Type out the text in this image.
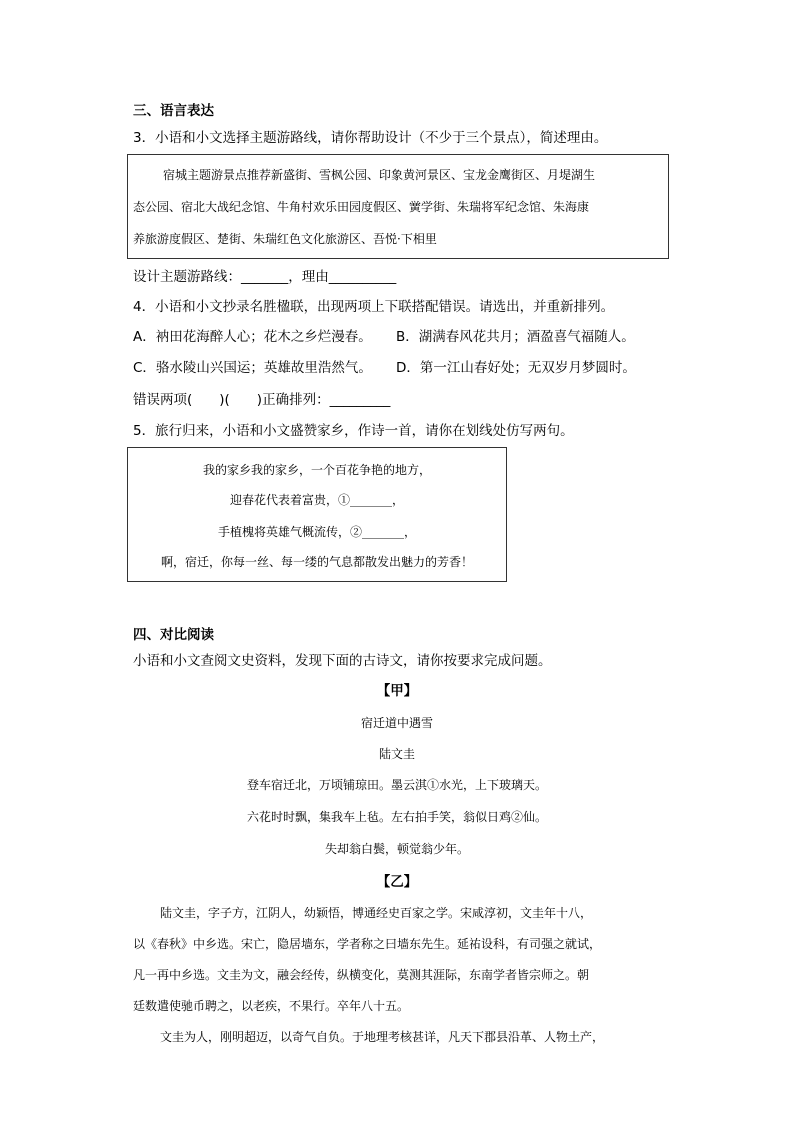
三、语言表达
3．小语和小文选择主题游路线，请你帮助设计（不少于三个景点），简述理由。
宿城主题游景点推荐新盛街、雪枫公园、印象黄河景区、宝龙金鹰街区、月堤湖生
态公园、宿北大战纪念馆、牛角村欢乐田园度假区、黉学街、朱瑞将军纪念馆、朱海康
养旅游度假区、楚街、朱瑞红色文化旅游区、吾悦·下相里
设计主题游路线：_______，理由__________
4．小语和小文抄录名胜楹联，出现两项上下联搭配错误。请选出，并重新排列。
A．衲田花海醉人心；花木之乡烂漫春。 B．湖满春风花共月；酒盈喜气福随人。
C．骆水陵山兴国运；英雄故里浩然气。 D．第一江山春好处；无双岁月梦圆时。
错误两项(　　)(　　)正确排列：_________
5．旅行归来，小语和小文盛赞家乡，作诗一首，请你在划线处仿写两句。
我的家乡我的家乡，一个百花争艳的地方，
迎春花代表着富贵，①_______，
手植槐将英雄气概流传，②_______，
啊，宿迁，你每一丝、每一缕的气息都散发出魅力的芳香！
四、对比阅读
小语和小文查阅文史资料，发现下面的古诗文，请你按要求完成问题。
【甲】
宿迁道中遇雪
陆文圭
登车宿迁北，万顷铺琼田。墨云淇①水光，上下玻璃天。
六花时时飘，集我车上毡。左右拍手笑，翁似日鸡②仙。
失却翁白鬓，顿觉翁少年。
【乙】
陆文圭，字子方，江阴人，幼颖悟，博通经史百家之学。宋咸淳初，文圭年十八，
以《春秋》中乡选。宋亡，隐居墙东，学者称之曰墙东先生。延祐设科，有司强之就试，
凡一再中乡选。文圭为文，融会经传，纵横变化，莫测其涯际，东南学者皆宗师之。朝
廷数遣使驰币聘之，以老疾，不果行。卒年八十五。
文圭为人，刚明超迈，以奇气自负。于地理考核甚详，凡天下郡县沿革、人物土产，
